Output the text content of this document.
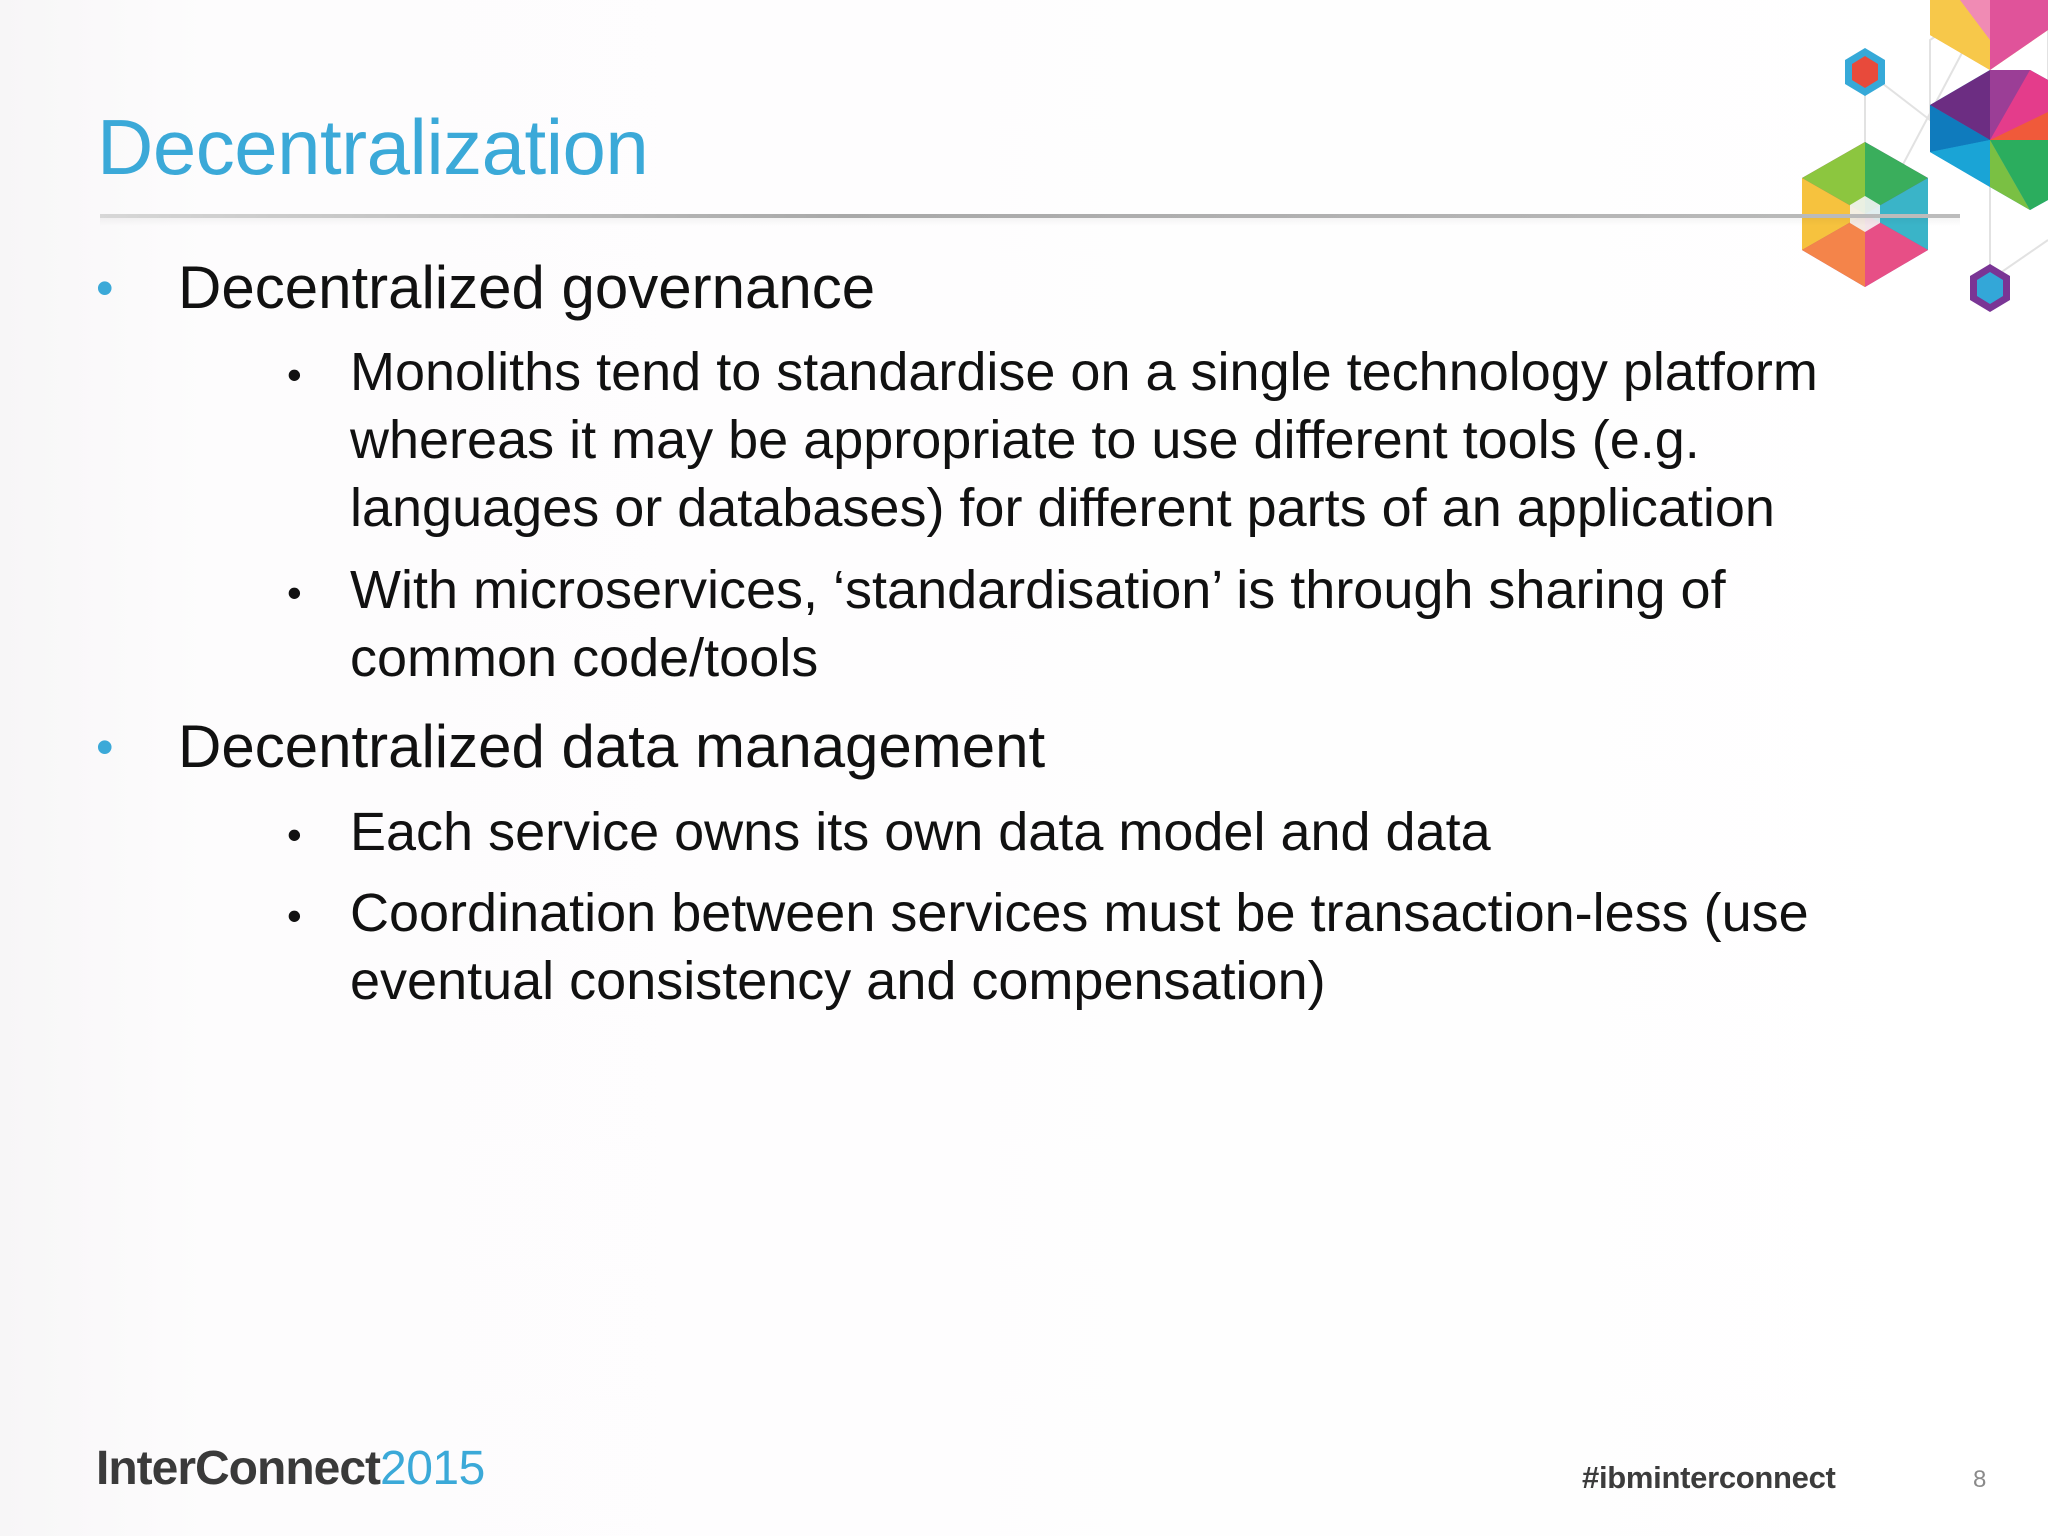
Decentralization
• Decentralized governance
• Monoliths tend to standardise on a single technology platform whereas it may be appropriate to use different tools (e.g. languages or databases) for different parts of an application
• With microservices, ‘standardisation’ is through sharing of common code/tools
• Decentralized data management
• Each service owns its own data model and data
• Coordination between services must be transaction-less (use eventual consistency and compensation)
InterConnect2015	#ibminterconnect	8
